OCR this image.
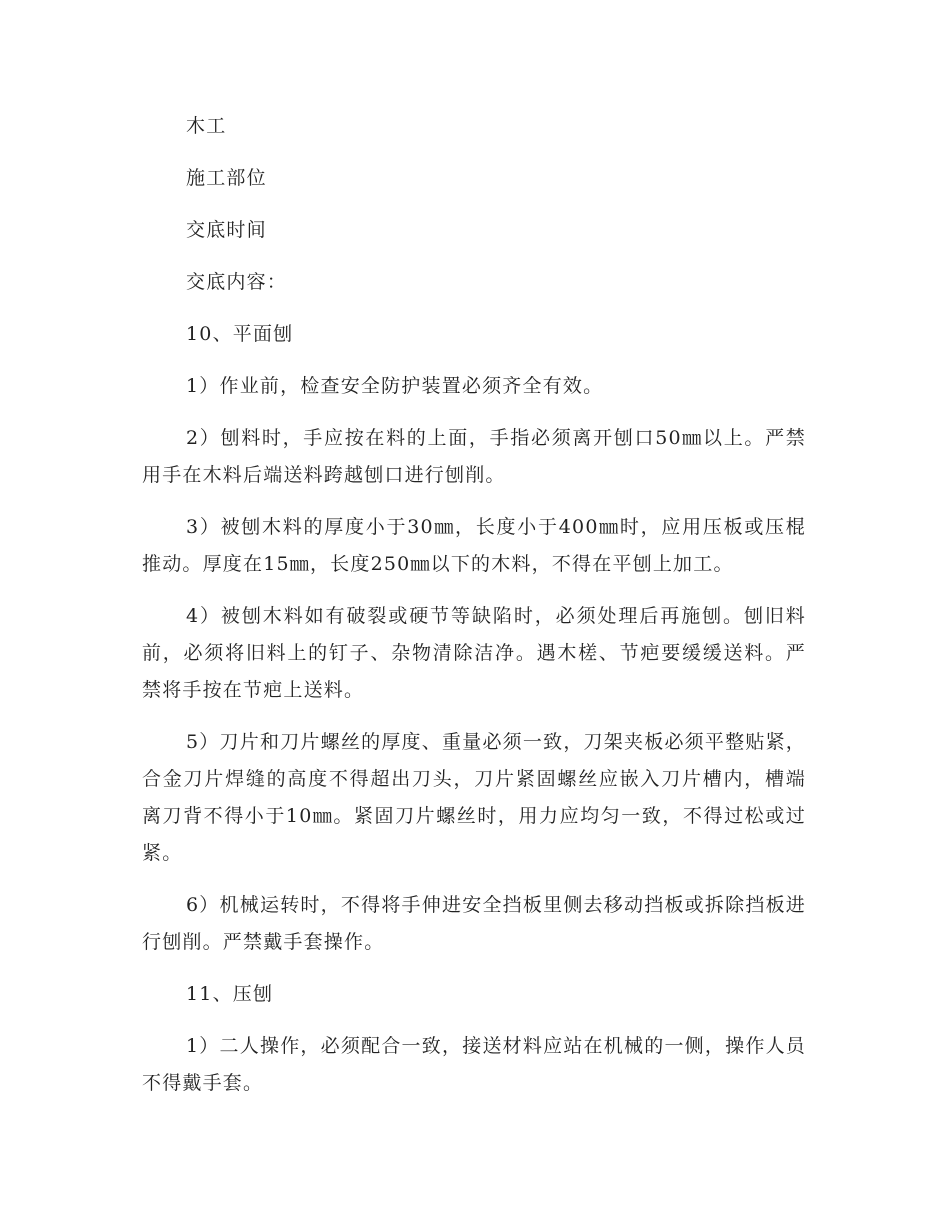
木工

施工部位

交底时间

交底内容：

10、平面刨

1）作业前，检查安全防护装置必须齐全有效。

2）刨料时，手应按在料的上面，手指必须离开刨口50㎜以上。严禁用手在木料后端送料跨越刨口进行刨削。

3）被刨木料的厚度小于30㎜，长度小于400㎜时，应用压板或压棍推动。厚度在15㎜，长度250㎜以下的木料，不得在平刨上加工。

4）被刨木料如有破裂或硬节等缺陷时，必须处理后再施刨。刨旧料前，必须将旧料上的钉子、杂物清除洁净。遇木槎、节疤要缓缓送料。严禁将手按在节疤上送料。

5）刀片和刀片螺丝的厚度、重量必须一致，刀架夹板必须平整贴紧，合金刀片焊缝的高度不得超出刀头，刀片紧固螺丝应嵌入刀片槽内，槽端离刀背不得小于10㎜。紧固刀片螺丝时，用力应均匀一致，不得过松或过紧。

6）机械运转时，不得将手伸进安全挡板里侧去移动挡板或拆除挡板进行刨削。严禁戴手套操作。

11、压刨

1）二人操作，必须配合一致，接送材料应站在机械的一侧，操作人员不得戴手套。
